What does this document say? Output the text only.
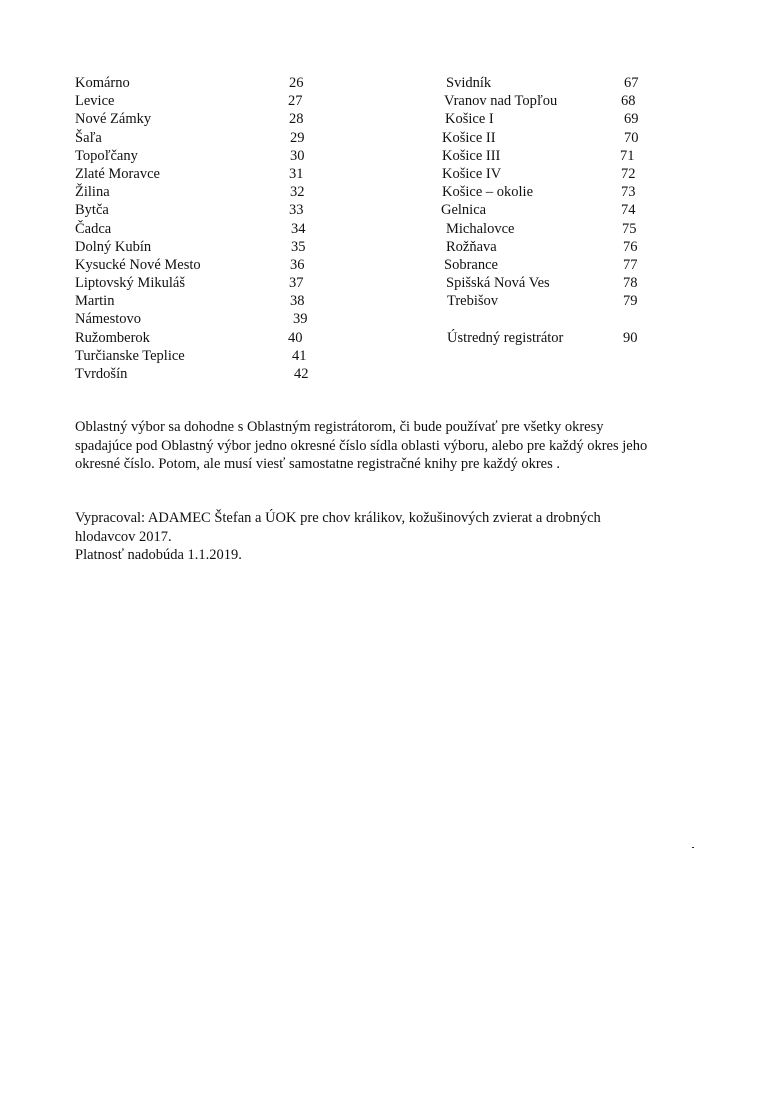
Komárno	26
Levice	27
Nové Zámky	28
Šaľa	29
Topoľčany	30
Zlaté Moravce	31
Žilina	32
Bytča	33
Čadca	34
Dolný Kubín	35
Kysucké Nové Mesto	36
Liptovský Mikuláš	37
Martin	38
Námestovo	39
Ružomberok	40
Turčianske Teplice	41
Tvrdošín	42
Svidník	67
Vranov nad Topľou	68
Košice I	69
Košice II	70
Košice III	71
Košice IV	72
Košice – okolie	73
Gelnica	74
Michalovce	75
Rožňava	76
Sobrance	77
Spišská Nová Ves	78
Trebišov	79
Ústredný registrátor	90
Oblastný výbor sa dohodne s Oblastným registrátorom, či bude používať pre všetky okresy
spadajúce pod Oblastný výbor jedno okresné číslo sídla oblasti výboru, alebo pre každý okres jeho
okresné číslo. Potom, ale musí viesť samostatne registračné knihy pre každý okres .
Vypracoval: ADAMEC Štefan a ÚOK pre chov králikov, kožušinových zvierat a drobných
hlodavcov 2017.
Platnosť nadobúda 1.1.2019.
